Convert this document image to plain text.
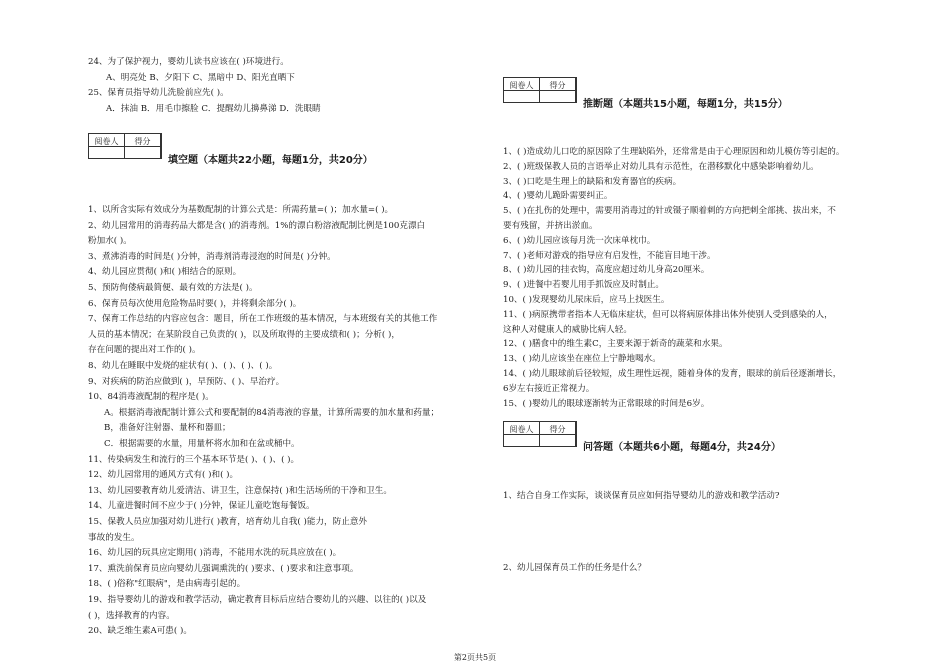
24、为了保护视力，婴幼儿读书应该在( )环境进行。
A、明亮处 B、夕阳下 C、黑暗中 D、阳光直晒下
25、保育员指导幼儿洗脸前应先( )。
A．抹油 B．用毛巾擦脸 C．提醒幼儿擤鼻涕 D．洗眼睛
阅卷人	得分
填空题（本题共22小题，每题1分，共20分）
1、以所含实际有效成分为基数配制的计算公式是：所需药量=( )；加水量=( )。
2、幼儿园常用的消毒药品大都是含( )的消毒剂。1%的漂白粉溶液配制比例是100克漂白
粉加水( )。
3、煮沸消毒的时间是( )分钟，消毒剂消毒浸泡的时间是( )分钟。
4、幼儿园应贯彻( )和( )相结合的原则。
5、预防佝偻病最简便、最有效的方法是( )。
6、保育员每次使用危险物品时要( )，并将剩余部分( )。
7、保育工作总结的内容应包含：题目，所在工作班级的基本情况，与本班级有关的其他工作
人员的基本情况；在某阶段自己负责的( )，以及所取得的主要成绩和( )；分析( )，
存在问题的提出对工作的( )。
8、幼儿在睡眠中发烧的症状有( )、( )、( )、( )。
9、对疾病的防治应做到( )，早预防、( )、早治疗。
10、84消毒液配制的程序是( )。
A。根据消毒液配制计算公式和要配制的84消毒液的容量，计算所需要的加水量和药量；
B，准备好注射器、量杯和器皿；
C．根据需要的水量，用量杯将水加和在盆或桶中。
11、传染病发生和流行的三个基本环节是( )、( )、( )。
12、幼儿园常用的通风方式有( )和( )。
13、幼儿园要教育幼儿爱清洁、讲卫生，注意保持( )和生活场所的干净和卫生。
14、儿童进餐时间不应少于( )分钟，保证儿童吃饱每餐饭。
15、保教人员应加强对幼儿进行( )教育，培育幼儿自我( )能力，防止意外
事故的发生。
16、幼儿园的玩具应定期用( )消毒，不能用水洗的玩具应放在( )。
17、熏洗前保育员应向婴幼儿强调熏洗的( )要求、( )要求和注意事项。
18、( )俗称"红眼病"，是由病毒引起的。
19、指导婴幼儿的游戏和教学活动，确定教育目标后应结合婴幼儿的兴趣、以往的( )以及
( )，选择教育的内容。
20、缺乏维生素A可患( )。
阅卷人	得分
推断题（本题共15小题，每题1分，共15分）
1、( )造成幼儿口吃的原因除了生理缺陷外，还常常是由于心理原因和幼儿模仿等引起的。
2、( )班级保教人员的言语举止对幼儿具有示范性，在潜移默化中感染影响着幼儿。
3、( )口吃是生理上的缺陷和发育器官的疾病。
4、( )婴幼儿跪卧需要纠正。
5、( )在扎伤的处理中，需要用消毒过的针或镊子顺着刺的方向把刺全部挑、拔出来，不
要有残留，并挤出淤血。
6、( )幼儿园应该每月洗一次床单枕巾。
7、( )老师对游戏的指导应有启发性，不能盲目地干涉。
8、( )幼儿园的挂衣钩，高度应超过幼儿身高20厘米。
9、( )进餐中若婴儿用手抓饭应及时制止。
10、( )发现婴幼儿尿床后，应马上找医生。
11、( )病原携带者指本人无临床症状，但可以将病原体排出体外使别人受到感染的人，
这种人对健康人的威胁比病人轻。
12、( )膳食中的维生素C，主要来源于新奇的蔬菜和水果。
13、( )幼儿应该坐在座位上宁静地喝水。
14、( )幼儿眼球前后径较短，成生理性远视，随着身体的发育，眼球的前后径逐渐增长，
6岁左右接近正常视力。
15、( )婴幼儿的眼球逐渐转为正常眼球的时间是6岁。
阅卷人	得分
问答题（本题共6小题，每题4分，共24分）
1、结合自身工作实际，谈谈保育员应如何指导婴幼儿的游戏和教学活动?
2、幼儿园保育员工作的任务是什么？
第2页共5页
